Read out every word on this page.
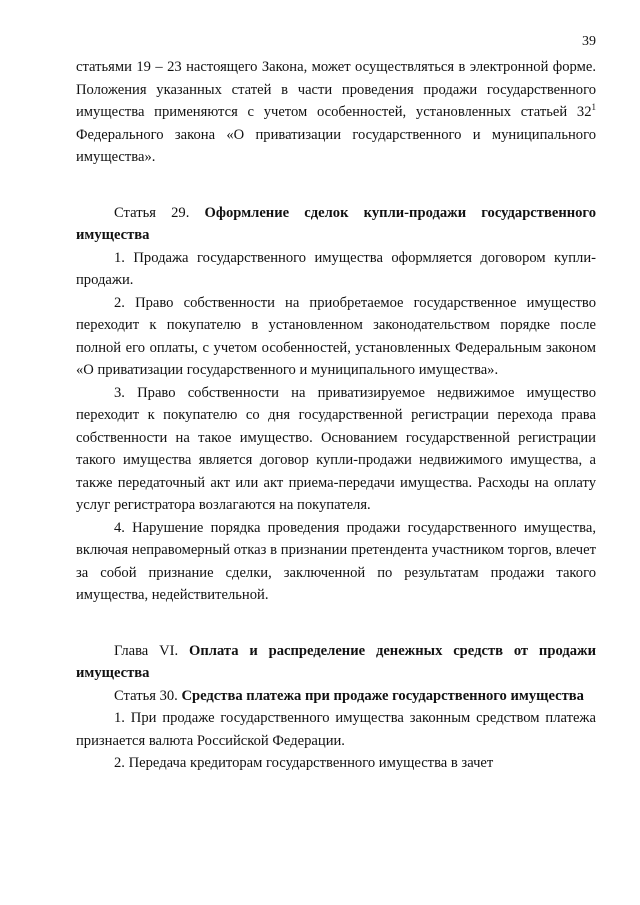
39

статьями 19 – 23 настоящего Закона, может осуществляться в электронной форме. Положения указанных статей в части проведения продажи государственного имущества применяются с учетом особенностей, установленных статьей $32^1$ Федерального закона «О приватизации государственного и муниципального имущества».

Статья 29. Оформление сделок купли-продажи государственного имущества

1. Продажа государственного имущества оформляется договором купли-продажи.

2. Право собственности на приобретаемое государственное имущество переходит к покупателю в установленном законодательством порядке после полной его оплаты, с учетом особенностей, установленных Федеральным законом «О приватизации государственного и муниципального имущества».

3. Право собственности на приватизируемое недвижимое имущество переходит к покупателю со дня государственной регистрации перехода права собственности на такое имущество. Основанием государственной регистрации такого имущества является договор купли-продажи недвижимого имущества, а также передаточный акт или акт приема-передачи имущества. Расходы на оплату услуг регистратора возлагаются на покупателя.

4. Нарушение порядка проведения продажи государственного имущества, включая неправомерный отказ в признании претендента участником торгов, влечет за собой признание сделки, заключенной по результатам продажи такого имущества, недействительной.

Глава VI. Оплата и распределение денежных средств от продажи имущества

Статья 30. Средства платежа при продаже государственного имущества

1. При продаже государственного имущества законным средством платежа признается валюта Российской Федерации.

2. Передача кредиторам государственного имущества в зачет
